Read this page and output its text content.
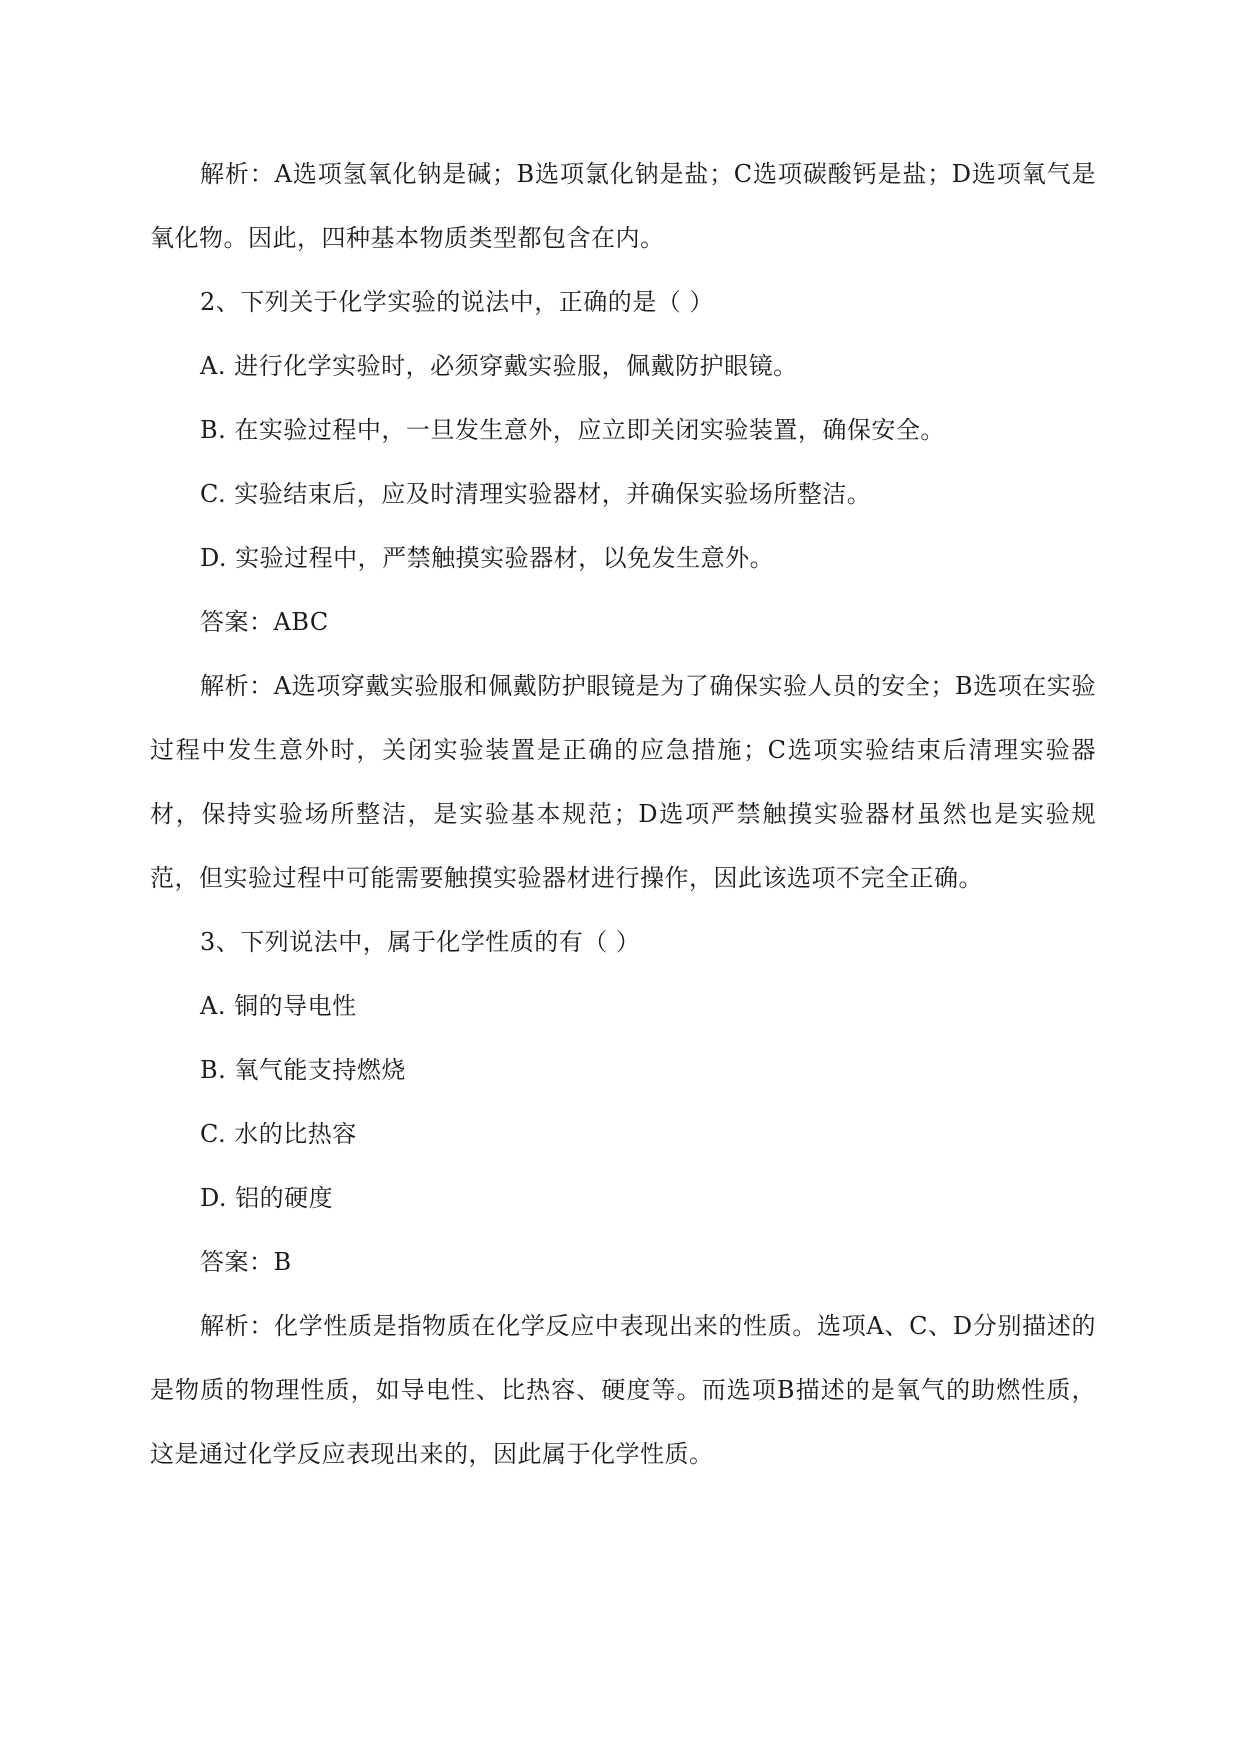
解析：A选项氢氧化钠是碱；B选项氯化钠是盐；C选项碳酸钙是盐；D选项氧气是氧化物。因此，四种基本物质类型都包含在内。

2、下列关于化学实验的说法中，正确的是（ ）

A. 进行化学实验时，必须穿戴实验服，佩戴防护眼镜。

B. 在实验过程中，一旦发生意外，应立即关闭实验装置，确保安全。

C. 实验结束后，应及时清理实验器材，并确保实验场所整洁。

D. 实验过程中，严禁触摸实验器材，以免发生意外。

答案：ABC

解析：A选项穿戴实验服和佩戴防护眼镜是为了确保实验人员的安全；B选项在实验过程中发生意外时，关闭实验装置是正确的应急措施；C选项实验结束后清理实验器材，保持实验场所整洁，是实验基本规范；D选项严禁触摸实验器材虽然也是实验规范，但实验过程中可能需要触摸实验器材进行操作，因此该选项不完全正确。

3、下列说法中，属于化学性质的有（ ）

A. 铜的导电性

B. 氧气能支持燃烧

C. 水的比热容

D. 铝的硬度

答案：B

解析：化学性质是指物质在化学反应中表现出来的性质。选项A、C、D分别描述的是物质的物理性质，如导电性、比热容、硬度等。而选项B描述的是氧气的助燃性质，这是通过化学反应表现出来的，因此属于化学性质。
